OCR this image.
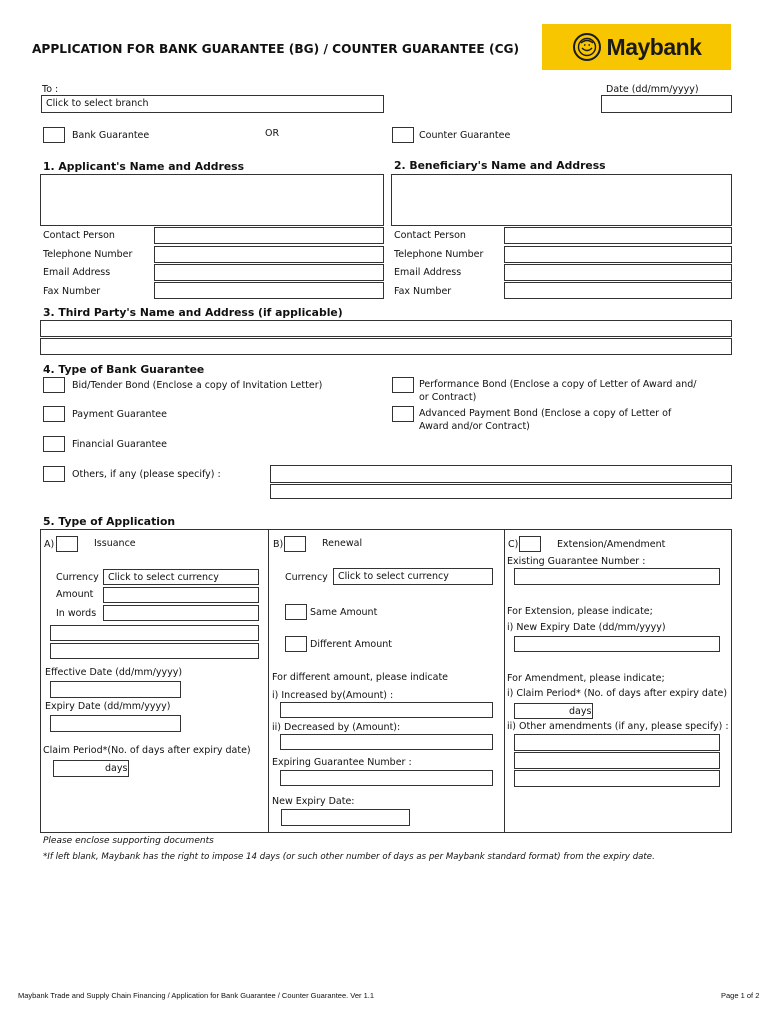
APPLICATION FOR BANK GUARANTEE (BG) / COUNTER GUARANTEE (CG)	Maybank
To :
Click to select branch
Date (dd/mm/yyyy)
Bank Guarantee	OR	Counter Guarantee
1. Applicant's Name and Address	2. Beneficiary's Name and Address
Contact Person
Telephone Number
Email Address
Fax Number
Contact Person
Telephone Number
Email Address
Fax Number
3. Third Party's Name and Address (if applicable)
4. Type of Bank Guarantee
Bid/Tender Bond (Enclose a copy of Invitation Letter)	Performance Bond (Enclose a copy of Letter of Award and/
or Contract)
Payment Guarantee	Advanced Payment Bond (Enclose a copy of Letter of
Award and/or Contract)
Financial Guarantee
Others, if any (please specify) :
5. Type of Application
A)	Issuance
Currency Click to select currency
Amount
In words
Effective Date (dd/mm/yyyy)
Expiry Date (dd/mm/yyyy)
Claim Period*(No. of days after expiry date)
days
B)	Renewal
Currency	Click to select currency
Same Amount
Different Amount
For different amount, please indicate
i) Increased by(Amount) :
ii) Decreased by (Amount):
Expiring Guarantee Number :
New Expiry Date:
C)	Extension/Amendment
Existing Guarantee Number :
For Extension, please indicate;
i) New Expiry Date (dd/mm/yyyy)
For Amendment, please indicate;
i) Claim Period* (No. of days after expiry date)
days
ii) Other amendments (if any, please specify) :
Please enclose supporting documents
*If left blank, Maybank has the right to impose 14 days (or such other number of days as per Maybank standard format) from the expiry date.
Maybank Trade and Supply Chain Financing / Application for Bank Guarantee / Counter Guarantee. Ver 1.1	Page 1 of 2
